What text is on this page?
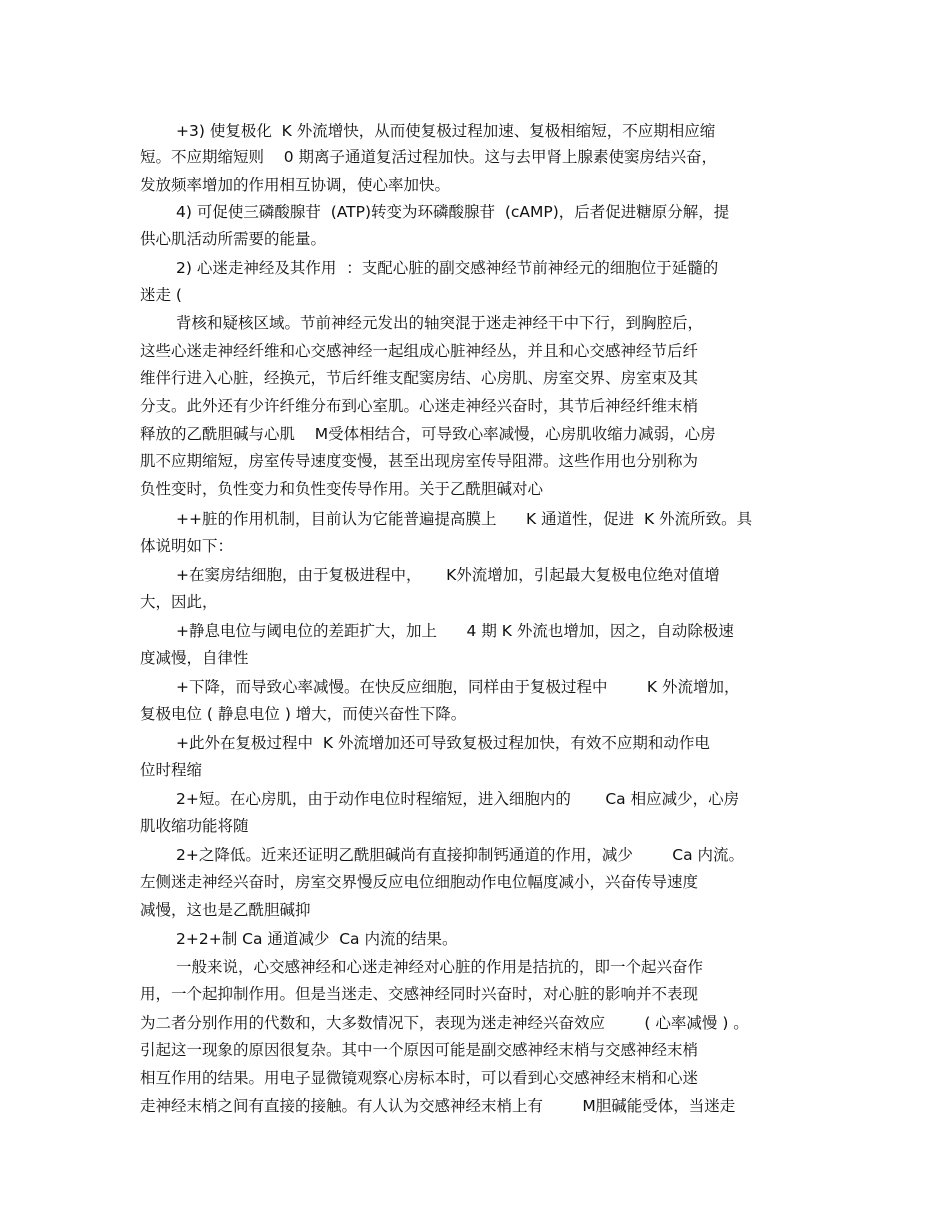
+3) 使复极化  K 外流增快，从而使复极过程加速、复极相缩短，不应期相应缩
短。不应期缩短则    0 期离子通道复活过程加快。这与去甲肾上腺素使窦房结兴奋，
发放频率增加的作用相互协调，使心率加快。
4) 可促使三磷酸腺苷  (ATP)转变为环磷酸腺苷  (cAMP)，后者促进糖原分解，提
供心肌活动所需要的能量。
2) 心迷走神经及其作用  ：支配心脏的副交感神经节前神经元的细胞位于延髓的
迷走 (
背核和疑核区域。节前神经元发出的轴突混于迷走神经干中下行，到胸腔后，
这些心迷走神经纤维和心交感神经一起组成心脏神经丛，并且和心交感神经节后纤
维伴行进入心脏，经换元，节后纤维支配窦房结、心房肌、房室交界、房室束及其
分支。此外还有少许纤维分布到心室肌。心迷走神经兴奋时，其节后神经纤维末梢
释放的乙酰胆碱与心肌    M受体相结合，可导致心率减慢，心房肌收缩力减弱，心房
肌不应期缩短，房室传导速度变慢，甚至出现房室传导阻滞。这些作用也分别称为
负性变时，负性变力和负性变传导作用。关于乙酰胆碱对心
++脏的作用机制，目前认为它能普遍提高膜上      K 通道性，促进  K 外流所致。具
体说明如下：
+在窦房结细胞，由于复极进程中，     K外流增加，引起最大复极电位绝对值增
大，因此，
+静息电位与阈电位的差距扩大，加上      4 期 K 外流也增加，因之，自动除极速
度减慢，自律性
+下降，而导致心率减慢。在快反应细胞，同样由于复极过程中        K 外流增加，
复极电位 ( 静息电位 ) 增大，而使兴奋性下降。
+此外在复极过程中  K 外流增加还可导致复极过程加快，有效不应期和动作电
位时程缩
2+短。在心房肌，由于动作电位时程缩短，进入细胞内的       Ca 相应减少，心房
肌收缩功能将随
2+之降低。近来还证明乙酰胆碱尚有直接抑制钙通道的作用，减少        Ca 内流。
左侧迷走神经兴奋时，房室交界慢反应电位细胞动作电位幅度减小，兴奋传导速度
减慢，这也是乙酰胆碱抑
2+2+制 Ca 通道减少  Ca 内流的结果。
一般来说，心交感神经和心迷走神经对心脏的作用是拮抗的，即一个起兴奋作
用，一个起抑制作用。但是当迷走、交感神经同时兴奋时，对心脏的影响并不表现
为二者分别作用的代数和，大多数情况下，表现为迷走神经兴奋效应        ( 心率减慢 ) 。
引起这一现象的原因很复杂。其中一个原因可能是副交感神经末梢与交感神经末梢
相互作用的结果。用电子显微镜观察心房标本时，可以看到心交感神经末梢和心迷
走神经末梢之间有直接的接触。有人认为交感神经末梢上有        M胆碱能受体，当迷走
